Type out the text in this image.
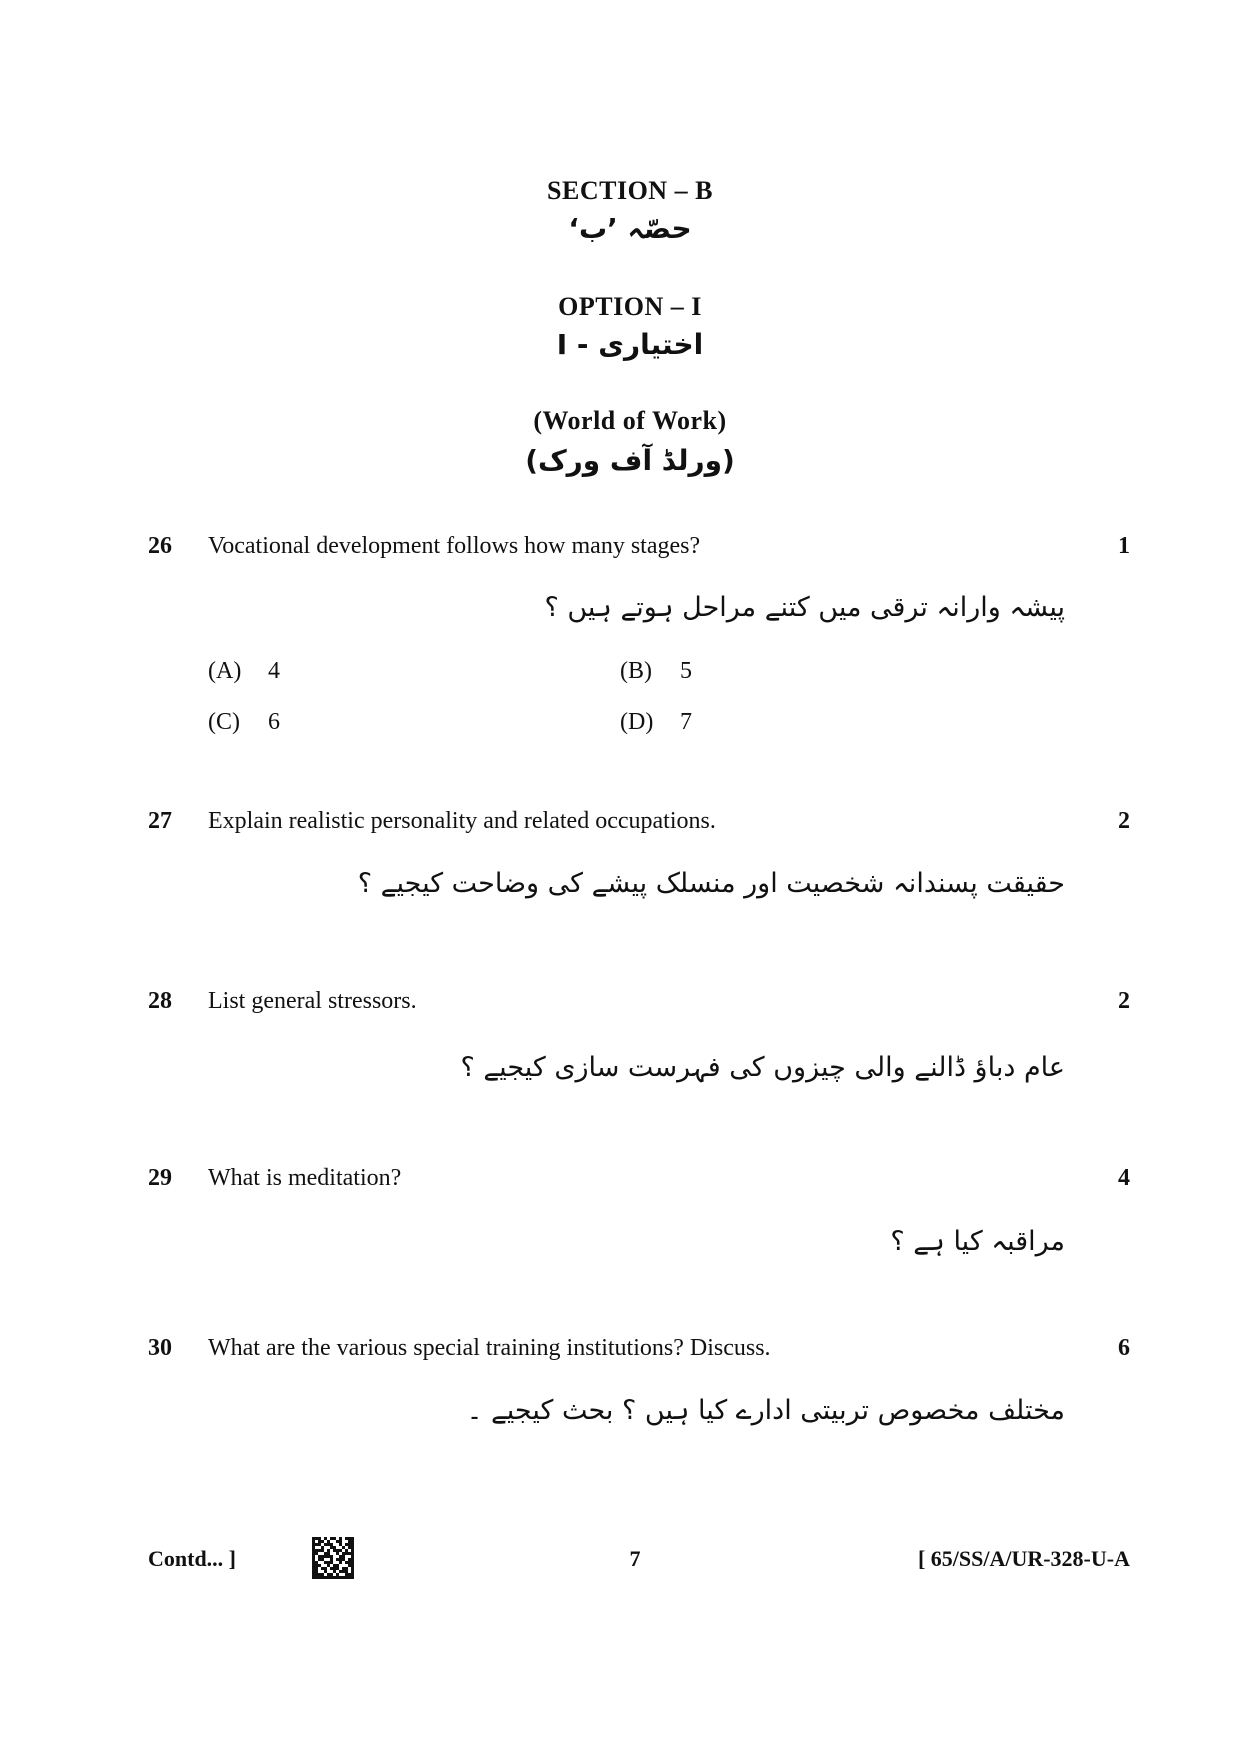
SECTION – B
حصّہ ’ب‘
OPTION – I
اختیاری - I
(World of Work)
(ورلڈ آف ورک)
26 Vocational development follows how many stages?	1
پیشہ وارانہ ترقی میں کتنے مراحل ہوتے ہیں ؟
(A) 4	(B) 5
(C) 6	(D) 7
27 Explain realistic personality and related occupations.	2
حقیقت پسندانہ شخصیت اور منسلک پیشے کی وضاحت کیجیے ؟
28 List general stressors.	2
عام دباؤ ڈالنے والی چیزوں کی فہرست سازی کیجیے ؟
29 What is meditation?	4
مراقبہ کیا ہے ؟
30 What are the various special training institutions? Discuss.	6
مختلف مخصوص تربیتی ادارے کیا ہیں ؟ بحث کیجیے ۔
Contd... ]	7	[ 65/SS/A/UR-328-U-A
